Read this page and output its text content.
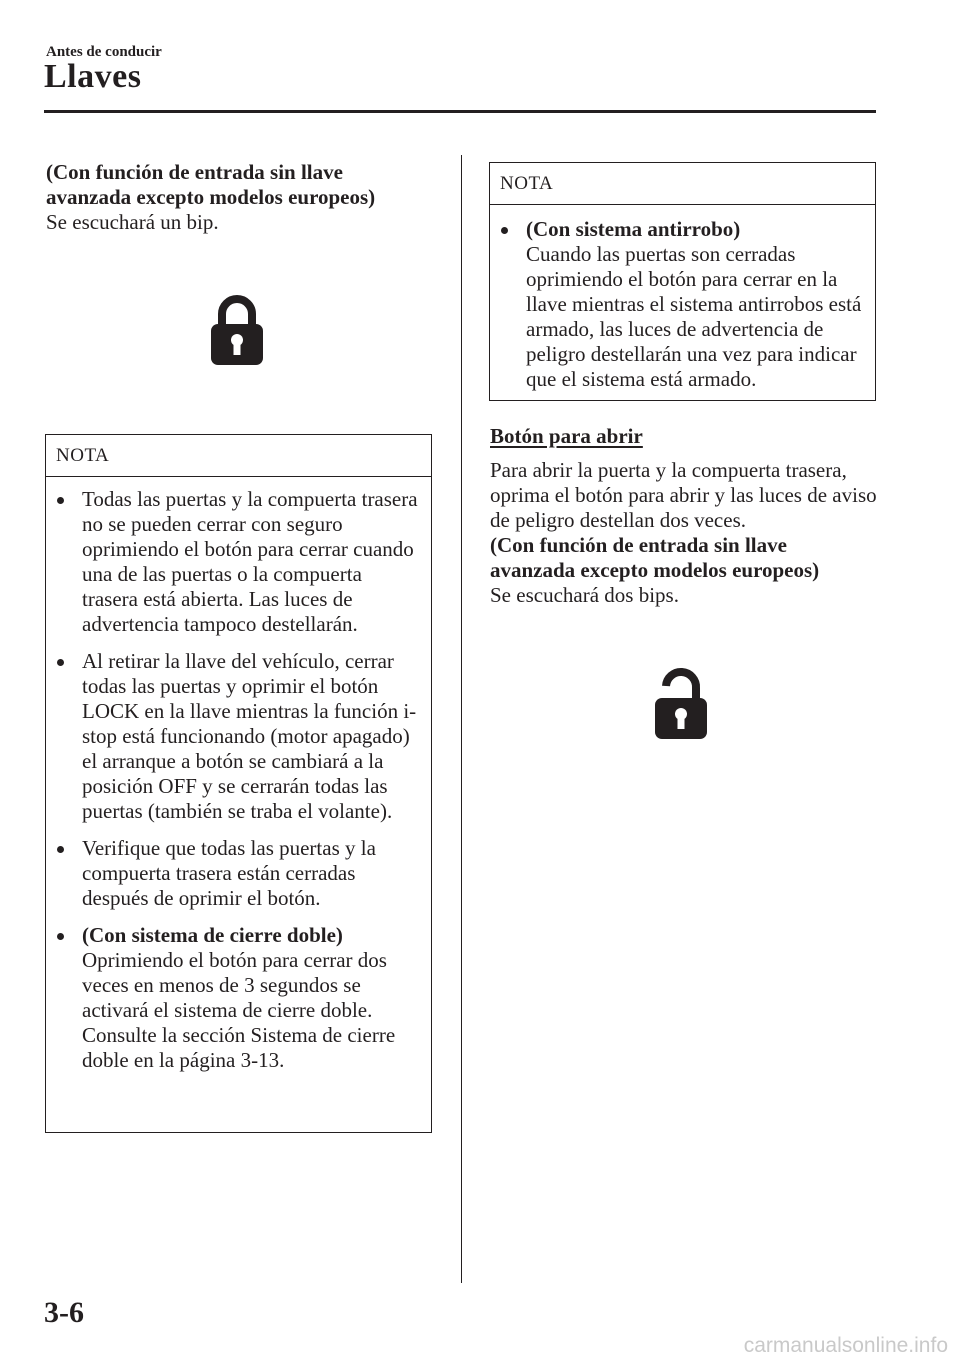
Antes de conducir
Llaves
(Con función de entrada sin llave
avanzada excepto modelos europeos)
Se escuchará un bip.
NOTA
Todas las puertas y la compuerta trasera no se pueden cerrar con seguro oprimiendo el botón para cerrar cuando una de las puertas o la compuerta trasera está abierta. Las luces de advertencia tampoco destellarán.
Al retirar la llave del vehículo, cerrar todas las puertas y oprimir el botón LOCK en la llave mientras la función i-stop está funcionando (motor apagado) el arranque a botón se cambiará a la posición OFF y se cerrarán todas las puertas (también se traba el volante).
Verifique que todas las puertas y la compuerta trasera están cerradas después de oprimir el botón.
(Con sistema de cierre doble)
Oprimiendo el botón para cerrar dos veces en menos de 3 segundos se activará el sistema de cierre doble. Consulte la sección Sistema de cierre doble en la página 3-13.
NOTA
(Con sistema antirrobo)
Cuando las puertas son cerradas oprimiendo el botón para cerrar en la llave mientras el sistema antirrobos está armado, las luces de advertencia de peligro destellarán una vez para indicar que el sistema está armado.
Botón para abrir
Para abrir la puerta y la compuerta trasera, oprima el botón para abrir y las luces de aviso de peligro destellan dos veces.
(Con función de entrada sin llave
avanzada excepto modelos europeos)
Se escuchará dos bips.
3-6
carmanualsonline.info
